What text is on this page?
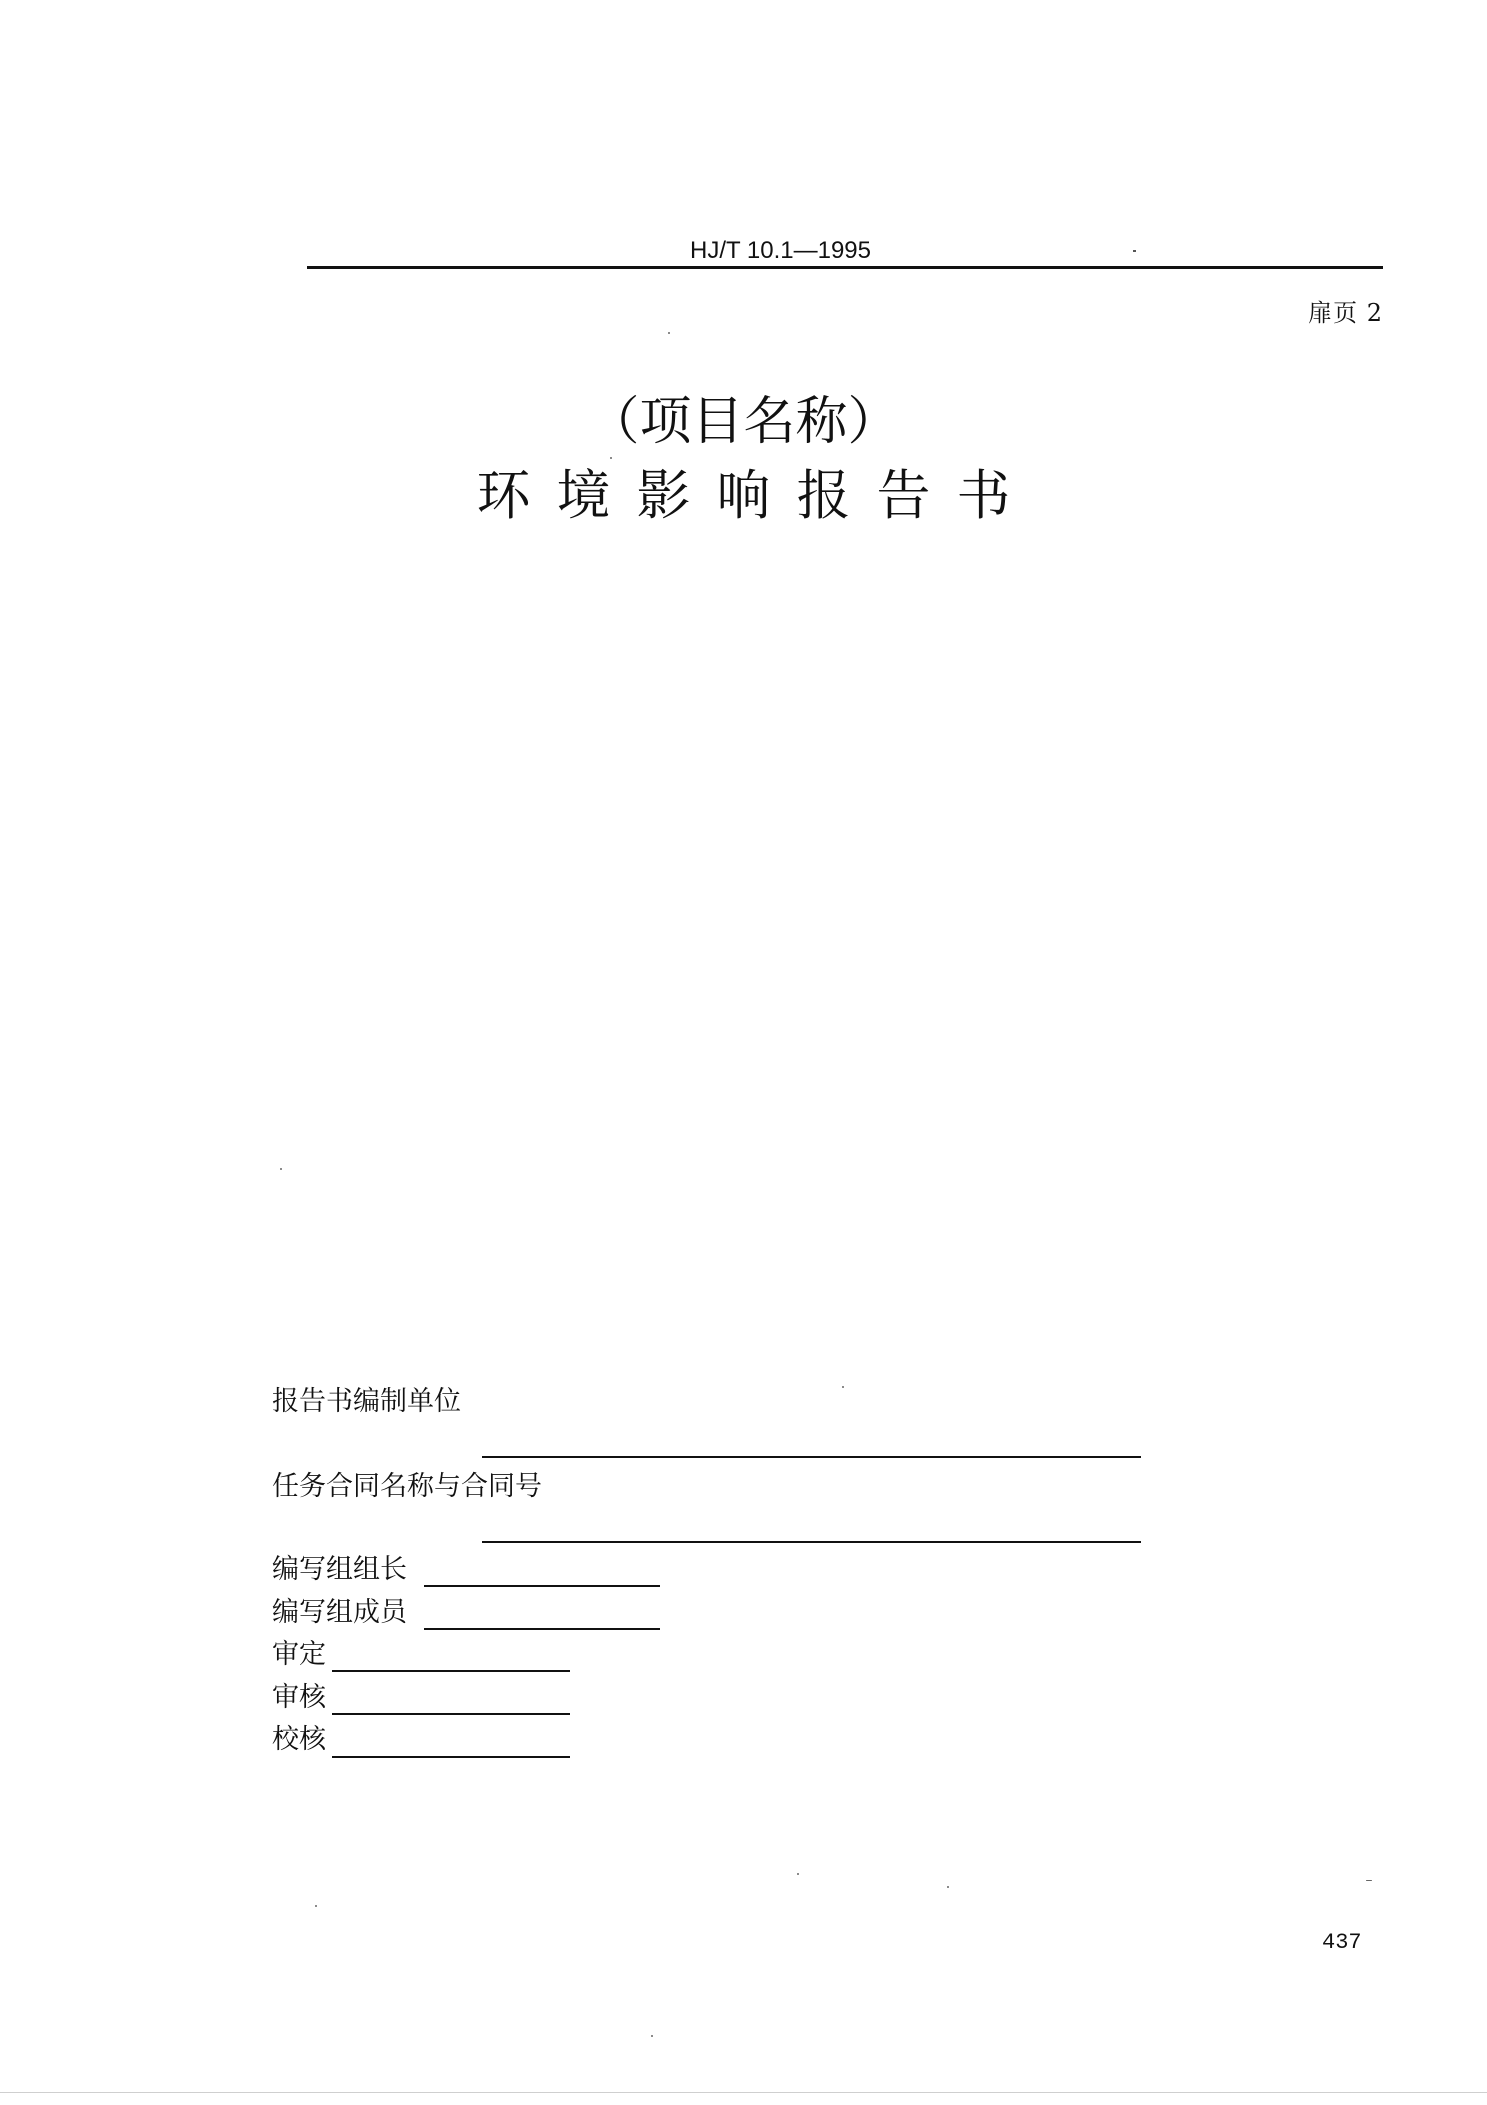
HJ/T 10.1—1995
扉页 2
（项目名称）
环境影响报告书
报告书编制单位
任务合同名称与合同号
编写组组长
编写组成员
审定
审核
校核
437
